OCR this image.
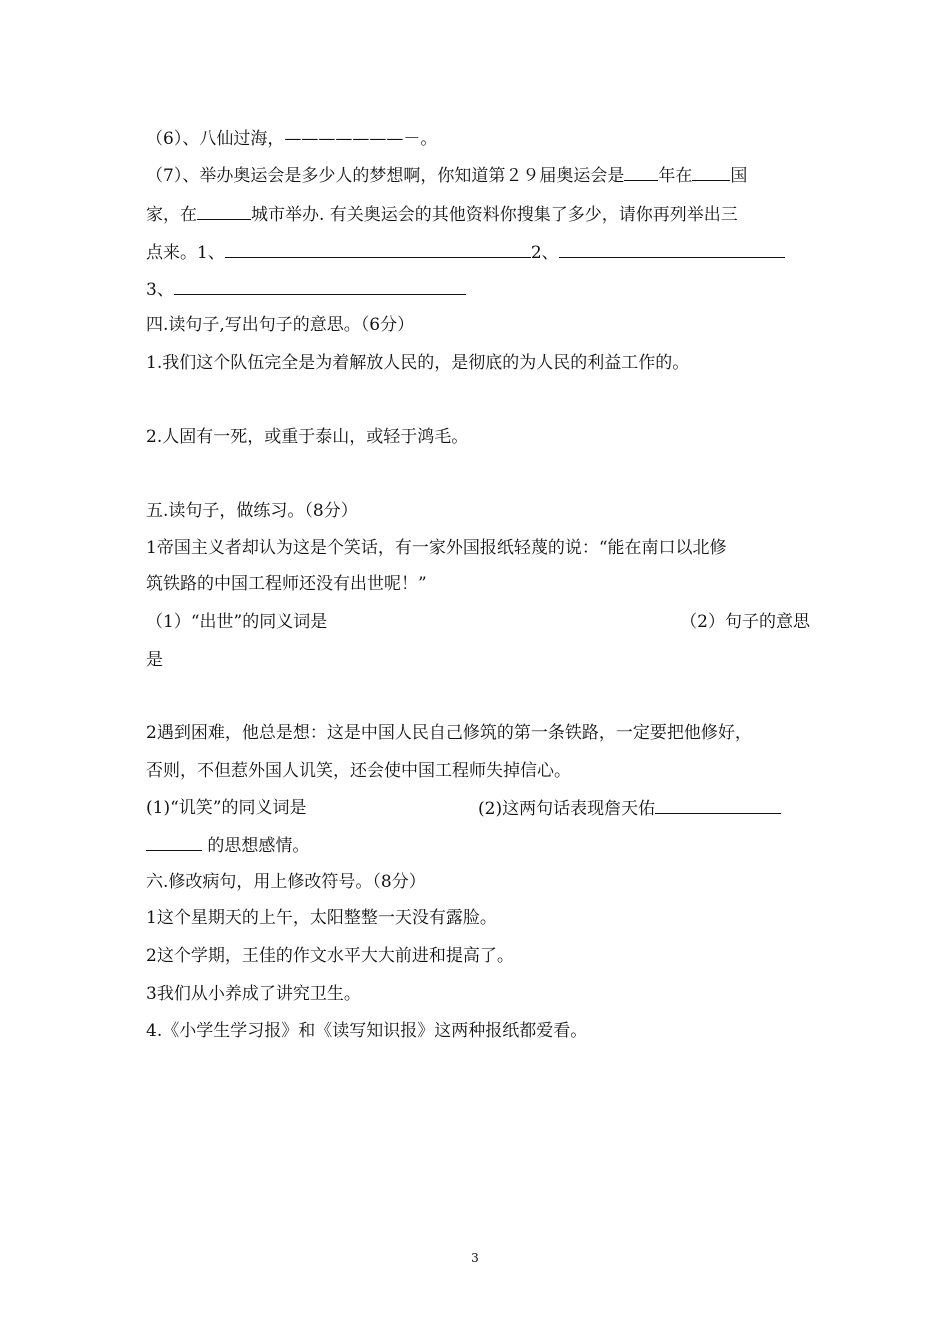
（6）、八仙过海，———————－。
（7）、举办奥运会是多少人的梦想啊，你知道第２９届奥运会是 年在 国
家，在	城市举办. 有关奥运会的其他资料你搜集了多少，请你再列举出三
点来。1、	2、
3、
四.读句子,写出句子的意思。（6分）
1.我们这个队伍完全是为着解放人民的，是彻底的为人民的利益工作的。
2.人固有一死，或重于泰山，或轻于鸿毛。
五.读句子，做练习。（8分）
1帝国主义者却认为这是个笑话，有一家外国报纸轻蔑的说：“能在南口以北修
筑铁路的中国工程师还没有出世呢！”
（1）“出世”的同义词是	（2）句子的意思
是
2遇到困难，他总是想：这是中国人民自己修筑的第一条铁路，一定要把他修好，
否则，不但惹外国人讥笑，还会使中国工程师失掉信心。
(1)“讥笑”的同义词是	(2)这两句话表现詹天佑
的思想感情。
六.修改病句，用上修改符号。（8分）
1这个星期天的上午，太阳整整一天没有露脸。
2这个学期，王佳的作文水平大大前进和提高了。
3我们从小养成了讲究卫生。
4.《小学生学习报》和《读写知识报》这两种报纸都爱看。
3
